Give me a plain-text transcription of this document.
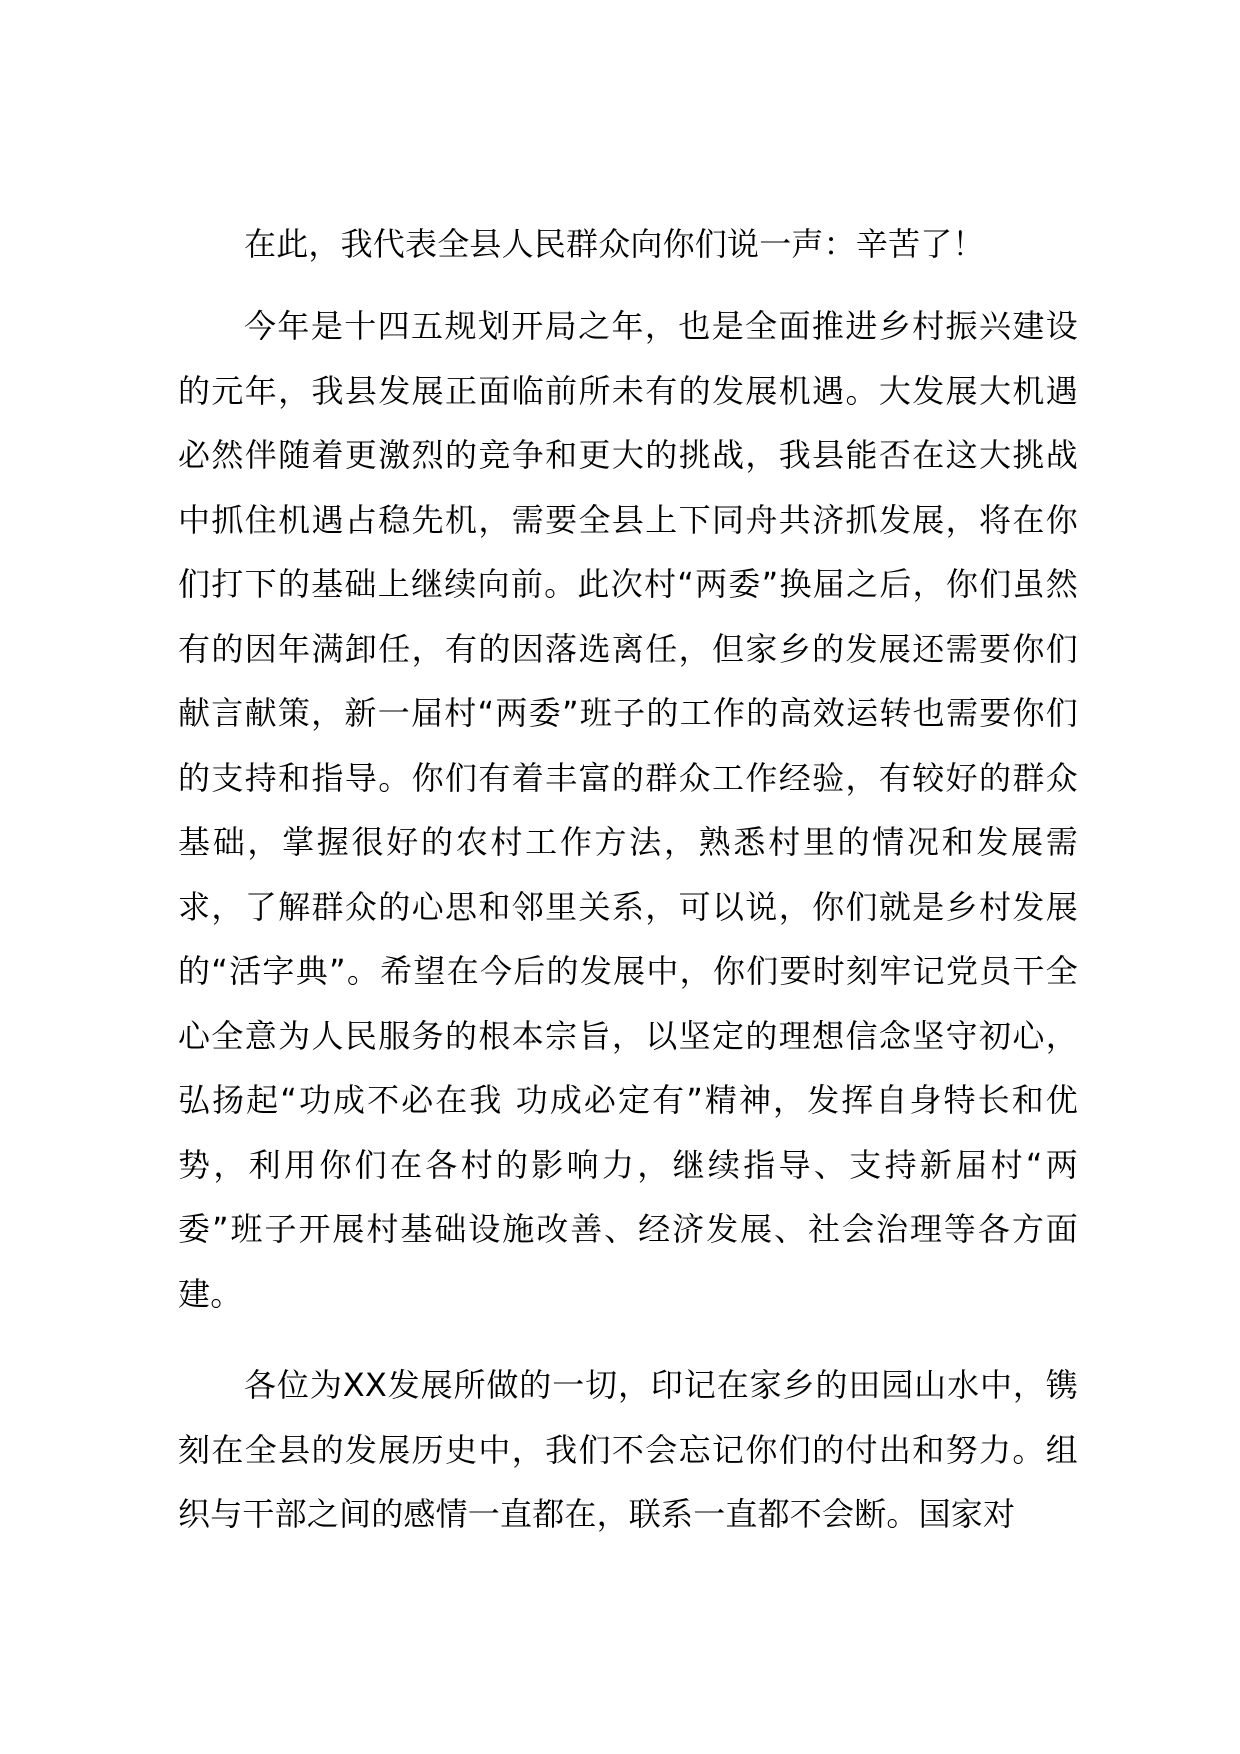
在此，我代表全县人民群众向你们说一声：辛苦了！

今年是十四五规划开局之年，也是全面推进乡村振兴建设的元年，我县发展正面临前所未有的发展机遇。大发展大机遇必然伴随着更激烈的竞争和更大的挑战，我县能否在这大挑战中抓住机遇占稳先机，需要全县上下同舟共济抓发展，将在你们打下的基础上继续向前。此次村“两委”换届之后，你们虽然有的因年满卸任，有的因落选离任，但家乡的发展还需要你们献言献策，新一届村“两委”班子的工作的高效运转也需要你们的支持和指导。你们有着丰富的群众工作经验，有较好的群众基础，掌握很好的农村工作方法，熟悉村里的情况和发展需求，了解群众的心思和邻里关系，可以说，你们就是乡村发展的“活字典”。希望在今后的发展中，你们要时刻牢记党员干全心全意为人民服务的根本宗旨，以坚定的理想信念坚守初心，弘扬起“功成不必在我 功成必定有”精神，发挥自身特长和优势，利用你们在各村的影响力，继续指导、支持新届村“两委”班子开展村基础设施改善、经济发展、社会治理等各方面建。

各位为XX发展所做的一切，印记在家乡的田园山水中，镌刻在全县的发展历史中，我们不会忘记你们的付出和努力。组织与干部之间的感情一直都在，联系一直都不会断。国家对
